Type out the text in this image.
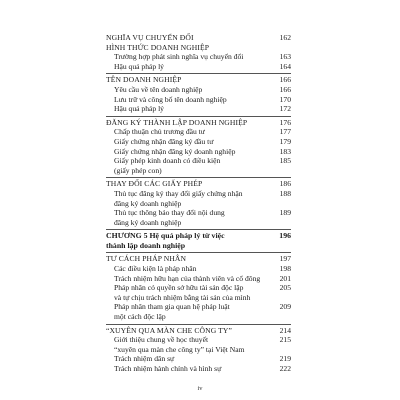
NGHĨA VỤ CHUYỂN ĐỔI
HÌNH THỨC DOANH NGHIỆP
162
Trường hợp phát sinh nghĩa vụ chuyển đổi	163
Hậu quả pháp lý	164
TÊN DOANH NGHIỆP	166
Yêu cầu về tên doanh nghiệp	166
Lưu trữ và công bố tên doanh nghiệp	170
Hậu quả pháp lý	172
ĐĂNG KÝ THÀNH LẬP DOANH NGHIỆP	176
Chấp thuận chủ trương đầu tư	177
Giấy chứng nhận đăng ký đầu tư	179
Giấy chứng nhận đăng ký doanh nghiệp	183
Giấy phép kinh doanh có điều kiện
(giấy phép con)
185
THAY ĐỔI CÁC GIẤY PHÉP	186
Thủ tục đăng ký thay đổi giấy chứng nhận
đăng ký doanh nghiệp
188
Thủ tục thông báo thay đổi nội dung
đăng ký doanh nghiệp
189
CHƯƠNG 5 Hệ quả pháp lý từ việc
thành lập doanh nghiệp
196
TƯ CÁCH PHÁP NHÂN	197
Các điều kiện là pháp nhân	198
Trách nhiệm hữu hạn của thành viên và cổ đông	201
Pháp nhân có quyền sở hữu tài sản độc lập	205
và tự chịu trách nhiệm bằng tài sản của mình
Pháp nhân tham gia quan hệ pháp luật
một cách độc lập
209
“XUYÊN QUA MÀN CHE CÔNG TY”	214
Giới thiệu chung về học thuyết
“xuyên qua màn che công ty” tại Việt Nam
215
Trách nhiệm dân sự	219
Trách nhiệm hành chính và hình sự	222
iv
